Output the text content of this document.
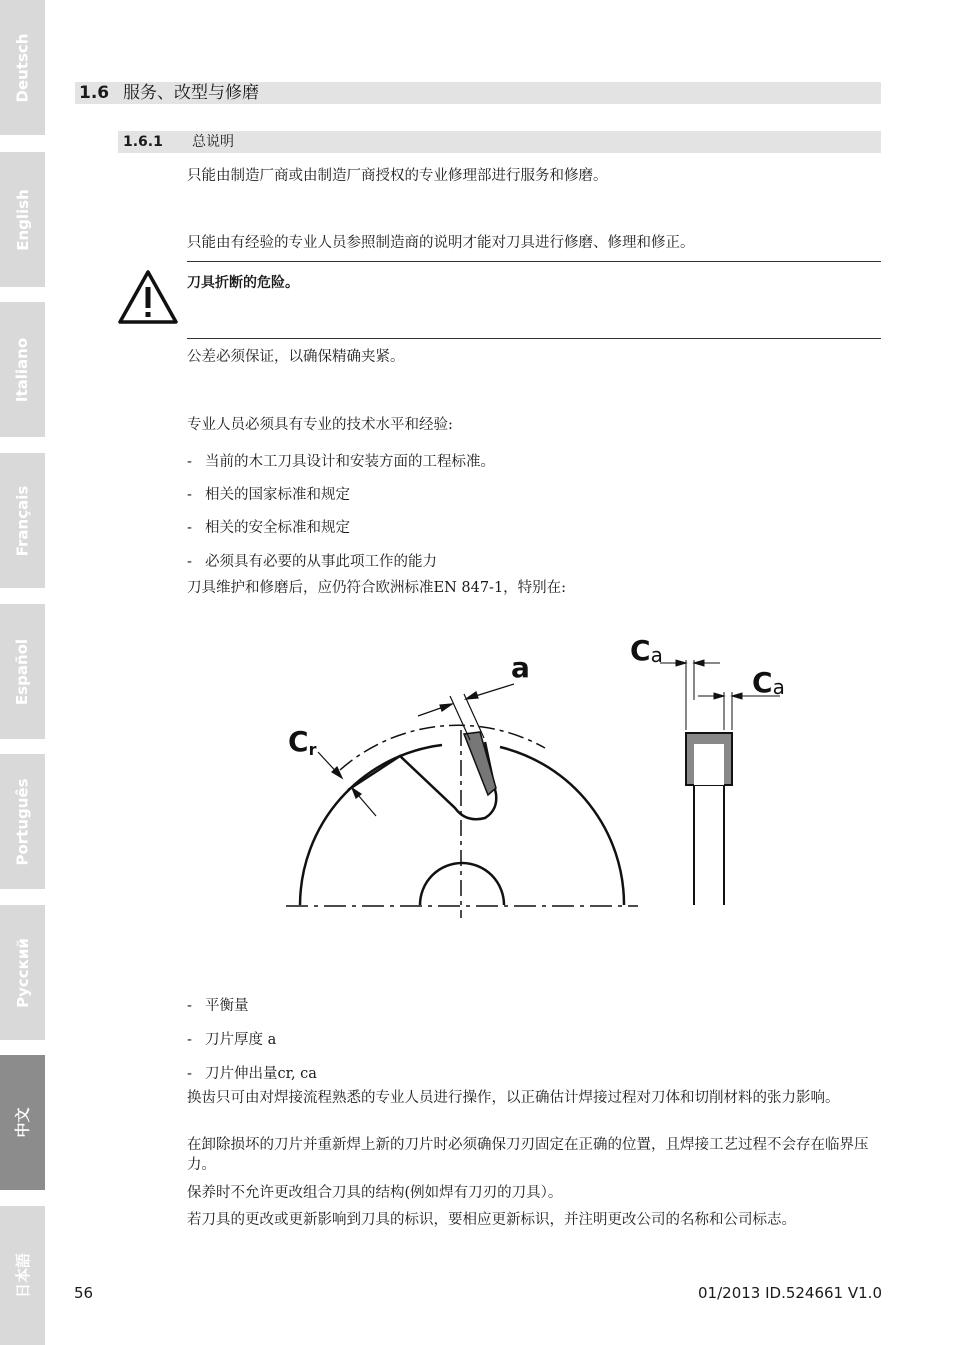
Deutsch
English
Italiano
Français
Español
Português
Русский
中文
日本語
1.6 服务、改型与修磨
1.6.1 总说明
只能由制造厂商或由制造厂商授权的专业修理部进行服务和修磨。
只能由有经验的专业人员参照制造商的说明才能对刀具进行修磨、修理和修正。
刀具折断的危险。
公差必须保证，以确保精确夹紧。
专业人员必须具有专业的技术水平和经验:
- 当前的木工刀具设计和安装方面的工程标准。
- 相关的国家标准和规定
- 相关的安全标准和规定
- 必须具有必要的从事此项工作的能力
刀具维护和修磨后，应仍符合欧洲标准EN 847-1，特别在:
a
Cr
Ca
Ca
- 平衡量
- 刀片厚度 a
- 刀片伸出量cr, ca
换齿只可由对焊接流程熟悉的专业人员进行操作，以正确估计焊接过程对刀体和切削材料的张力影响。
在卸除损坏的刀片并重新焊上新的刀片时必须确保刀刃固定在正确的位置，且焊接工艺过程不会存在临界压力。
保养时不允许更改组合刀具的结构(例如焊有刀刃的刀具）。
若刀具的更改或更新影响到刀具的标识，要相应更新标识，并注明更改公司的名称和公司标志。
56	01/2013 ID.524661 V1.0
